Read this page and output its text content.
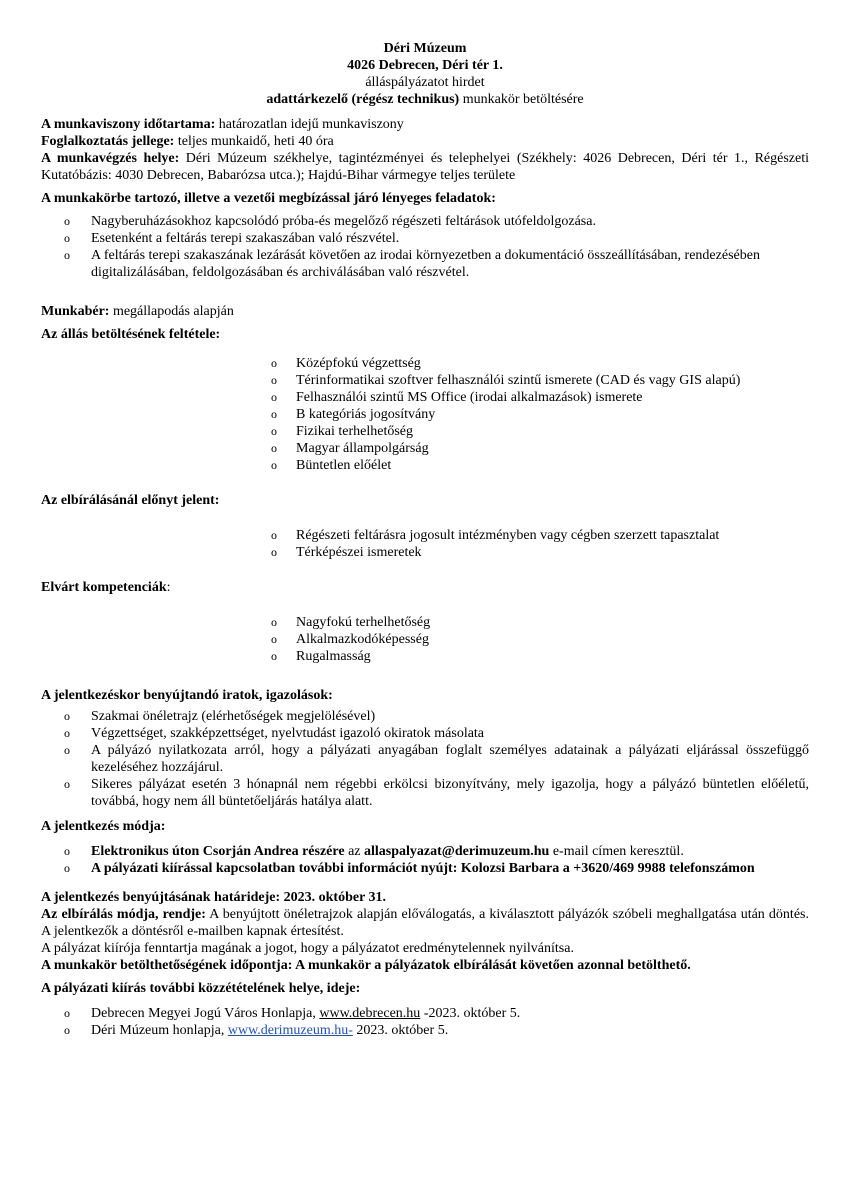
Déri Múzeum

4026 Debrecen, Déri tér 1.

álláspályázatot hirdet

adattárkezelő (régész technikus) munkakör betöltésére

A munkaviszony időtartama: határozatlan idejű munkaviszony

Foglalkoztatás jellege: teljes munkaidő, heti 40 óra

A munkavégzés helye: Déri Múzeum székhelye, tagintézményei és telephelyei (Székhely: 4026 Debrecen, Déri tér 1., Régészeti Kutatóbázis: 4030 Debrecen, Babarózsa utca.); Hajdú-Bihar vármegye teljes területe

A munkakörbe tartozó, illetve a vezetői megbízással járó lényeges feladatok:

o Nagyberuházásokhoz kapcsolódó próba-és megelőző régészeti feltárások utófeldolgozása.
o Esetenként a feltárás terepi szakaszában való részvétel.
o A feltárás terepi szakaszának lezárását követően az irodai környezetben a dokumentáció összeállításában, rendezésében digitalizálásában, feldolgozásában és archiválásában való részvétel.

Munkabér: megállapodás alapján

Az állás betöltésének feltétele:

o Középfokú végzettség
o Térinformatikai szoftver felhasználói szintű ismerete (CAD és vagy GIS alapú)
o Felhasználói szintű MS Office (irodai alkalmazások) ismerete
o B kategóriás jogosítvány
o Fizikai terhelhetőség
o Magyar állampolgárság
o Büntetlen előélet

Az elbírálásánál előnyt jelent:

o Régészeti feltárásra jogosult intézményben vagy cégben szerzett tapasztalat
o Térképészei ismeretek

Elvárt kompetenciák:

o Nagyfokú terhelhetőség
o Alkalmazkodóképesség
o Rugalmasság

A jelentkezéskor benyújtandó iratok, igazolások:

o Szakmai önéletrajz (elérhetőségek megjelölésével)
o Végzettséget, szakképzettséget, nyelvtudást igazoló okiratok másolata
o A pályázó nyilatkozata arról, hogy a pályázati anyagában foglalt személyes adatainak a pályázati eljárással összefüggő kezeléséhez hozzájárul.
o Sikeres pályázat esetén 3 hónapnál nem régebbi erkölcsi bizonyítvány, mely igazolja, hogy a pályázó büntetlen előéletű, továbbá, hogy nem áll büntetőeljárás hatálya alatt.

A jelentkezés módja:

o Elektronikus úton Csorján Andrea részére az allaspalyazat@derimuzeum.hu e-mail címen keresztül.
o A pályázati kiírással kapcsolatban további információt nyújt: Kolozsi Barbara a +3620/469 9988 telefonszámon

A jelentkezés benyújtásának határideje: 2023. október 31.

Az elbírálás módja, rendje: A benyújtott önéletrajzok alapján előválogatás, a kiválasztott pályázók szóbeli meghallgatása után döntés. A jelentkezők a döntésről e-mailben kapnak értesítést.

A pályázat kiírója fenntartja magának a jogot, hogy a pályázatot eredménytelennek nyilvánítsa.

A munkakör betölthetőségének időpontja: A munkakör a pályázatok elbírálását követően azonnal betölthető.

A pályázati kiírás további közzétételének helye, ideje:

o Debrecen Megyei Jogú Város Honlapja, www.debrecen.hu -2023. október 5.
o Déri Múzeum honlapja, www.derimuzeum.hu- 2023. október 5.
